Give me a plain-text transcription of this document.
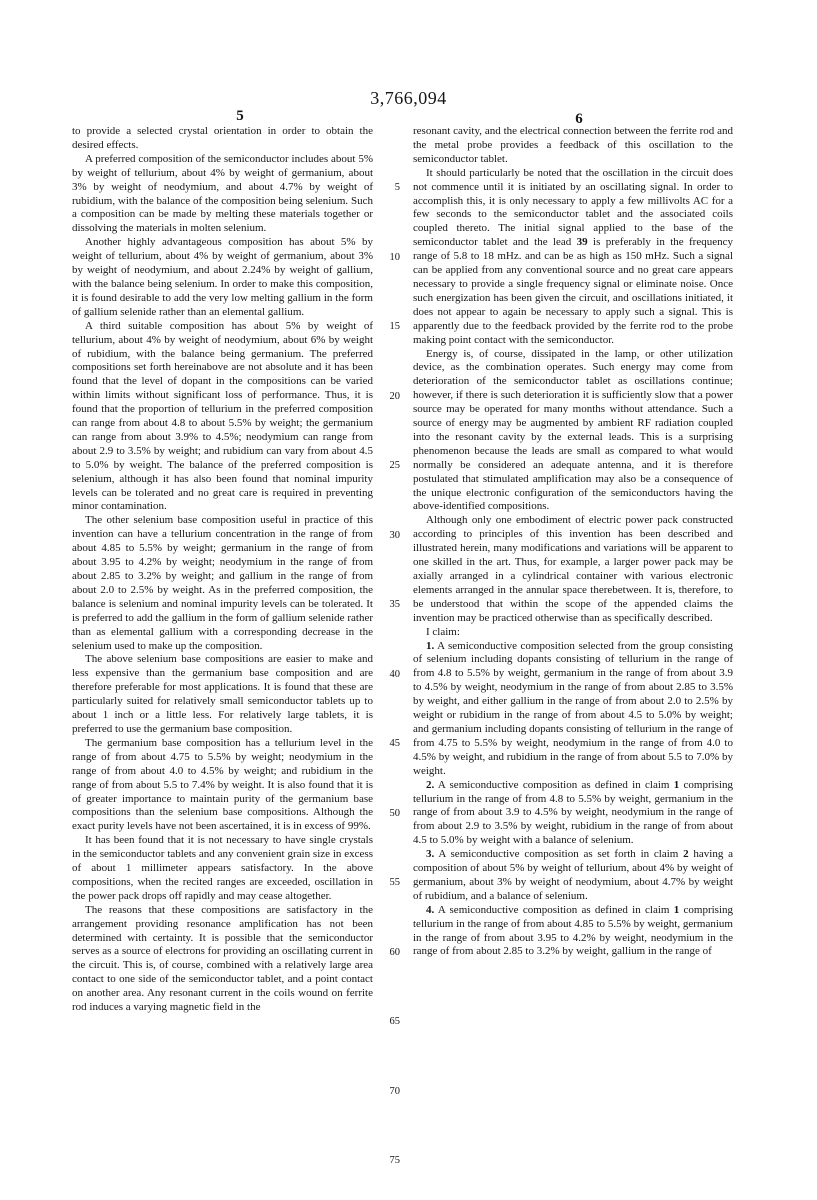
3,766,094
5	6

to provide a selected crystal orientation in order to obtain the desired effects.

A preferred composition of the semiconductor includes about 5% by weight of tellurium, about 4% by weight of germanium, about 3% by weight of neodymium, and about 4.7% by weight of rubidium, with the balance of the composition being selenium. Such a composition can be made by melting these materials together or dissolving the materials in molten selenium.

Another highly advantageous composition has about 5% by weight of tellurium, about 4% by weight of germanium, about 3% by weight of neodymium, and about 2.24% by weight of gallium, with the balance being selenium. In order to make this composition, it is found desirable to add the very low melting gallium in the form of gallium selenide rather than an elemental gallium.

A third suitable composition has about 5% by weight of tellurium, about 4% by weight of neodymium, about 6% by weight of rubidium, with the balance being germanium. The preferred compositions set forth hereinabove are not absolute and it has been found that the level of dopant in the compositions can be varied within limits without significant loss of performance. Thus, it is found that the proportion of tellurium in the preferred composition can range from about 4.8 to about 5.5% by weight; the germanium can range from about 3.9% to 4.5%; neodymium can range from about 2.9 to 3.5% by weight; and rubidium can vary from about 4.5 to 5.0% by weight. The balance of the preferred composition is selenium, although it has also been found that nominal impurity levels can be tolerated and no great care is required in preventing minor contamination.

The other selenium base composition useful in practice of this invention can have a tellurium concentration in the range of from about 4.85 to 5.5% by weight; germanium in the range of from about 3.95 to 4.2% by weight; neodymium in the range of from about 2.85 to 3.2% by weight; and gallium in the range of from about 2.0 to 2.5% by weight. As in the preferred composition, the balance is selenium and nominal impurity levels can be tolerated. It is preferred to add the gallium in the form of gallium selenide rather than as elemental gallium with a corresponding decrease in the selenium used to make up the composition.

The above selenium base compositions are easier to make and less expensive than the germanium base composition and are therefore preferable for most applications. It is found that these are particularly suited for relatively small semiconductor tablets up to about 1 inch or a little less. For relatively large tablets, it is preferred to use the germanium base composition.

The germanium base composition has a tellurium level in the range of from about 4.75 to 5.5% by weight; neodymium in the range of from about 4.0 to 4.5% by weight; and rubidium in the range of from about 5.5 to 7.4% by weight. It is also found that it is of greater importance to maintain purity of the germanium base compositions than the selenium base compositions. Although the exact purity levels have not been ascertained, it is in excess of 99%.

It has been found that it is not necessary to have single crystals in the semiconductor tablets and any convenient grain size in excess of about 1 millimeter appears satisfactory. In the above compositions, when the recited ranges are exceeded, oscillation in the power pack drops off rapidly and may cease altogether.

The reasons that these compositions are satisfactory in the arrangement providing resonance amplification has not been determined with certainty. It is possible that the semiconductor serves as a source of electrons for providing an oscillating current in the circuit. This is, of course, combined with a relatively large area contact to one side of the semiconductor tablet, and a point contact on another area. Any resonant current in the coils wound on ferrite rod induces a varying magnetic field in the

5
10
15
20
25
30
35
40
45
50
55
60
65
70
75

resonant cavity, and the electrical connection between the ferrite rod and the metal probe provides a feedback of this oscillation to the semiconductor tablet.

It should particularly be noted that the oscillation in the circuit does not commence until it is initiated by an oscillating signal. In order to accomplish this, it is only necessary to apply a few millivolts AC for a few seconds to the semiconductor tablet and the associated coils coupled thereto. The initial signal applied to the base of the semiconductor tablet and the lead 39 is preferably in the frequency range of 5.8 to 18 mHz. and can be as high as 150 mHz. Such a signal can be applied from any conventional source and no great care appears necessary to provide a single frequency signal or eliminate noise. Once such energization has been given the circuit, and oscillations initiated, it does not appear to again be necessary to apply such a signal. This is apparently due to the feedback provided by the ferrite rod to the probe making point contact with the semiconductor.

Energy is, of course, dissipated in the lamp, or other utilization device, as the combination operates. Such energy may come from deterioration of the semiconductor tablet as oscillations continue; however, if there is such deterioration it is sufficiently slow that a power source may be operated for many months without attendance. Such a source of energy may be augmented by ambient RF radiation coupled into the resonant cavity by the external leads. This is a surprising phenomenon because the leads are small as compared to what would normally be considered an adequate antenna, and it is therefore postulated that stimulated amplification may also be a consequence of the unique electronic configuration of the semiconductors having the above-identified compositions.

Although only one embodiment of electric power pack constructed according to principles of this invention has been described and illustrated herein, many modifications and variations will be apparent to one skilled in the art. Thus, for example, a larger power pack may be axially arranged in a cylindrical container with various electronic elements arranged in the annular space therebetween. It is, therefore, to be understood that within the scope of the appended claims the invention may be practiced otherwise than as specifically described.

I claim:

1. A semiconductive composition selected from the group consisting of selenium including dopants consisting of tellurium in the range of from 4.8 to 5.5% by weight, germanium in the range of from about 3.9 to 4.5% by weight, neodymium in the range of from about 2.85 to 3.5% by weight, and either gallium in the range of from about 2.0 to 2.5% by weight or rubidium in the range of from about 4.5 to 5.0% by weight; and germanium including dopants consisting of tellurium in the range of from 4.75 to 5.5% by weight, neodymium in the range of from 4.0 to 4.5% by weight, and rubidium in the range of from about 5.5 to 7.0% by weight.

2. A semiconductive composition as defined in claim 1 comprising tellurium in the range of from 4.8 to 5.5% by weight, germanium in the range of from about 3.9 to 4.5% by weight, neodymium in the range of from about 2.9 to 3.5% by weight, rubidium in the range of from about 4.5 to 5.0% by weight with a balance of selenium.

3. A semiconductive composition as set forth in claim 2 having a composition of about 5% by weight of tellurium, about 4% by weight of germanium, about 3% by weight of neodymium, about 4.7% by weight of rubidium, and a balance of selenium.

4. A semiconductive composition as defined in claim 1 comprising tellurium in the range of from about 4.85 to 5.5% by weight, germanium in the range of from about 3.95 to 4.2% by weight, neodymium in the range of from about 2.85 to 3.2% by weight, gallium in the range of
